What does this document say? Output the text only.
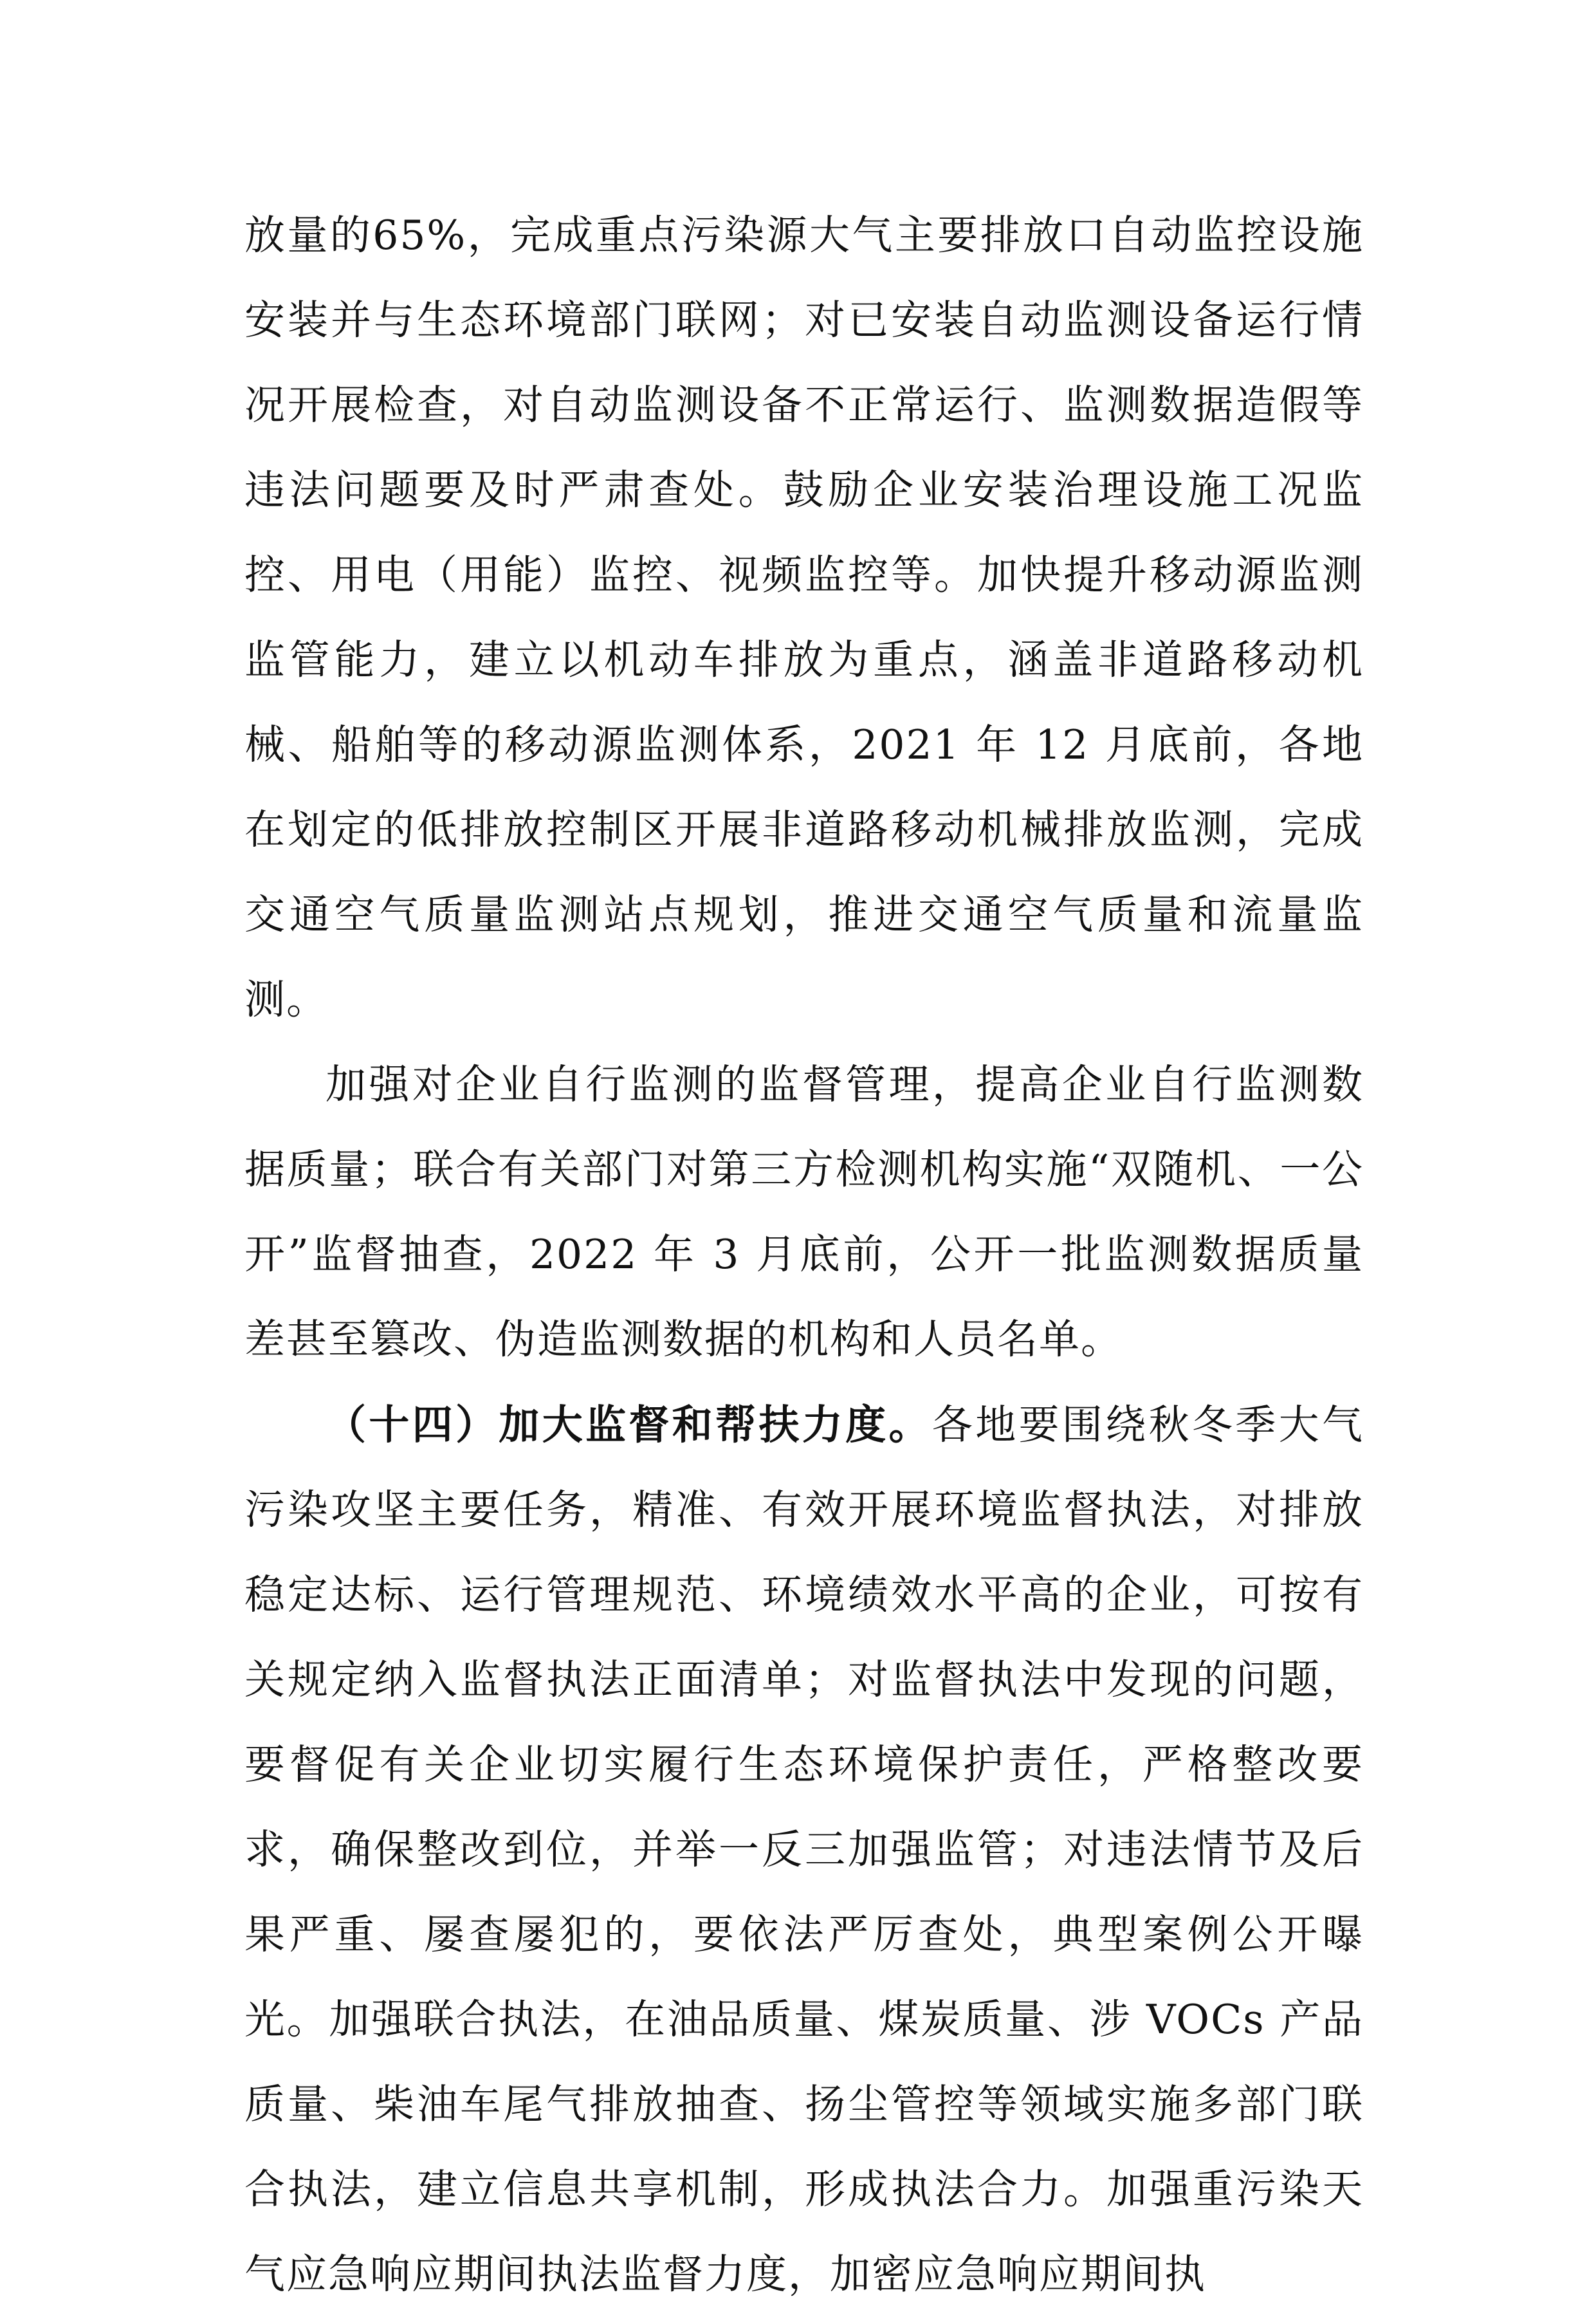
放量的65%，完成重点污染源大气主要排放口自动监控设施安装并与生态环境部门联网；对已安装自动监测设备运行情况开展检查，对自动监测设备不正常运行、监测数据造假等违法问题要及时严肃查处。鼓励企业安装治理设施工况监控、用电（用能）监控、视频监控等。加快提升移动源监测监管能力，建立以机动车排放为重点，涵盖非道路移动机械、船舶等的移动源监测体系，2021 年 12 月底前，各地在划定的低排放控制区开展非道路移动机械排放监测，完成交通空气质量监测站点规划，推进交通空气质量和流量监测。

加强对企业自行监测的监督管理，提高企业自行监测数据质量；联合有关部门对第三方检测机构实施“双随机、一公开”监督抽查，2022 年 3 月底前，公开一批监测数据质量差甚至篡改、伪造监测数据的机构和人员名单。

（十四）加大监督和帮扶力度。各地要围绕秋冬季大气污染攻坚主要任务，精准、有效开展环境监督执法，对排放稳定达标、运行管理规范、环境绩效水平高的企业，可按有关规定纳入监督执法正面清单；对监督执法中发现的问题，要督促有关企业切实履行生态环境保护责任，严格整改要求，确保整改到位，并举一反三加强监管；对违法情节及后果严重、屡查屡犯的，要依法严厉查处，典型案例公开曝光。加强联合执法，在油品质量、煤炭质量、涉 VOCs 产品质量、柴油车尾气排放抽查、扬尘管控等领域实施多部门联合执法，建立信息共享机制，形成执法合力。加强重污染天气应急响应期间执法监督力度，加密应急响应期间执
